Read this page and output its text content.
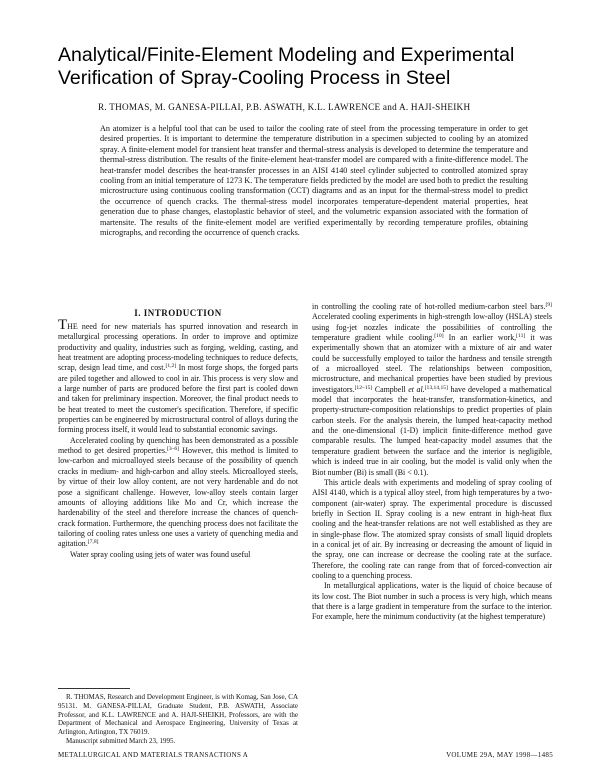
Analytical/Finite-Element Modeling and Experimental
Verification of Spray-Cooling Process in Steel
R. THOMAS, M. GANESA-PILLAI, P.B. ASWATH, K.L. LAWRENCE and A. HAJI-SHEIKH

An atomizer is a helpful tool that can be used to tailor the cooling rate of steel from the processing temperature in order to get desired properties. It is important to determine the temperature distribution in a specimen subjected to cooling by an atomized spray. A finite-element model for transient heat transfer and thermal-stress analysis is developed to determine the temperature and thermal-stress distribution. The results of the finite-element heat-transfer model are compared with a finite-difference model. The heat-transfer model describes the heat-transfer processes in an AISI 4140 steel cylinder subjected to controlled atomized spray cooling from an initial temperature of 1273 K. The temperature fields predicted by the model are used both to predict the resulting microstructure using continuous cooling transformation (CCT) diagrams and as an input for the thermal-stress model to predict the occurrence of quench cracks. The thermal-stress model incorporates temperature-dependent material properties, heat generation due to phase changes, elastoplastic behavior of steel, and the volumetric expansion associated with the formation of martensite. The results of the finite-element model are verified experimentally by recording temperature profiles, obtaining micrographs, and recording the occurrence of quench cracks.

I. INTRODUCTION

THE need for new materials has spurred innovation and research in metallurgical processing operations. In order to improve and optimize productivity and quality, industries such as forging, welding, casting, and heat treatment are adopting process-modeling techniques to reduce defects, scrap, design lead time, and cost.[1,2] In most forge shops, the forged parts are piled together and allowed to cool in air. This process is very slow and a large number of parts are produced before the first part is cooled down and taken for preliminary inspection. Moreover, the final product needs to be heat treated to meet the customer's specification. Therefore, if specific properties can be engineered by microstructural control of alloys during the forming process itself, it would lead to substantial economic savings.

Accelerated cooling by quenching has been demonstrated as a possible method to get desired properties.[3–6] However, this method is limited to low-carbon and microalloyed steels because of the possibility of quench cracks in medium- and high-carbon and alloy steels. Microalloyed steels, by virtue of their low alloy content, are not very hardenable and do not pose a significant challenge. However, low-alloy steels contain larger amounts of alloying additions like Mo and Cr, which increase the hardenability of the steel and therefore increase the chances of quench-crack formation. Furthermore, the quenching process does not facilitate the tailoring of cooling rates unless one uses a variety of quenching media and agitation.[7,8]

Water spray cooling using jets of water was found useful

in controlling the cooling rate of hot-rolled medium-carbon steel bars.[9] Accelerated cooling experiments in high-strength low-alloy (HSLA) steels using fog-jet nozzles indicate the possibilities of controlling the temperature gradient while cooling.[10] In an earlier work,[11] it was experimentally shown that an atomizer with a mixture of air and water could be successfully employed to tailor the hardness and tensile strength of a microalloyed steel. The relationships between composition, microstructure, and mechanical properties have been studied by previous investigators.[12–15] Campbell et al.[13,14,15] have developed a mathematical model that incorporates the heat-transfer, transformation-kinetics, and property-structure-composition relationships to predict properties of plain carbon steels. For the analysis therein, the lumped heat-capacity method and the one-dimensional (1-D) implicit finite-difference method gave comparable results. The lumped heat-capacity model assumes that the temperature gradient between the surface and the interior is negligible, which is indeed true in air cooling, but the model is valid only when the Biot number (Bi) is small (Bi < 0.1).

This article deals with experiments and modeling of spray cooling of AISI 4140, which is a typical alloy steel, from high temperatures by a two-component (air-water) spray. The experimental procedure is discussed briefly in Section II. Spray cooling is a new entrant in high-heat flux cooling and the heat-transfer relations are not well established as they are in single-phase flow. The atomized spray consists of small liquid droplets in a conical jet of air. By increasing or decreasing the amount of liquid in the spray, one can increase or decrease the cooling rate at the surface. Therefore, the cooling rate can range from that of forced-convection air cooling to a quenching process.

In metallurgical applications, water is the liquid of choice because of its low cost. The Biot number in such a process is very high, which means that there is a large gradient in temperature from the surface to the interior. For example, here the minimum conductivity (at the highest temperature)

R. THOMAS, Research and Development Engineer, is with Komag, San Jose, CA 95131. M. GANESA-PILLAI, Graduate Student, P.B. ASWATH, Associate Professor, and K.L. LAWRENCE and A. HAJI-SHEIKH, Professors, are with the Department of Mechanical and Aerospace Engineering, University of Texas at Arlington, Arlington, TX 76019.

Manuscript submitted March 23, 1995.

METALLURGICAL AND MATERIALS TRANSACTIONS A	VOLUME 29A, MAY 1998—1485
